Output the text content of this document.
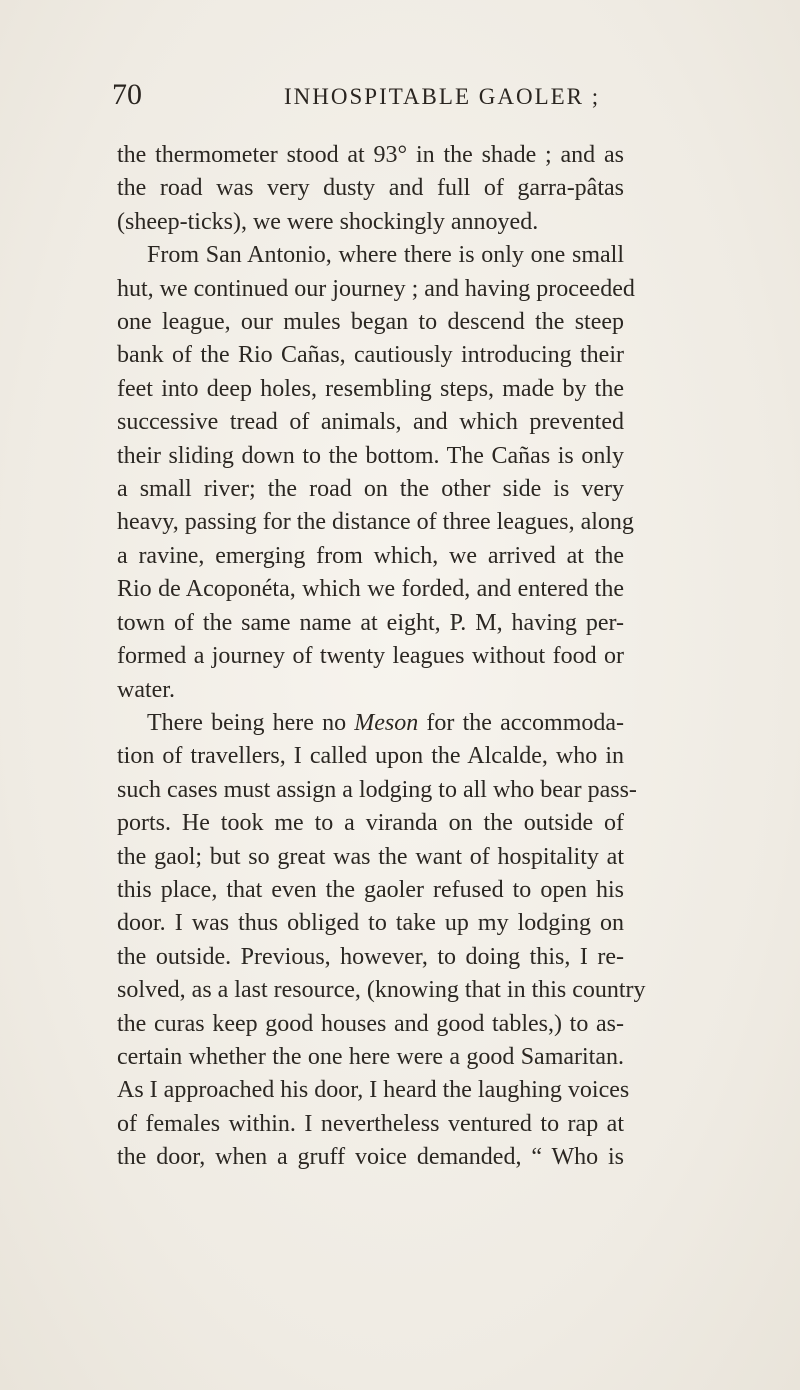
70	INHOSPITABLE GAOLER ;
the thermometer stood at 93° in the shade ; and as
the road was very dusty and full of garra-pâtas
(sheep-ticks), we were shockingly annoyed.
From San Antonio, where there is only one small
hut, we continued our journey ; and having proceeded
one league, our mules began to descend the steep
bank of the Rio Cañas, cautiously introducing their
feet into deep holes, resembling steps, made by the
successive tread of animals, and which prevented
their sliding down to the bottom. The Cañas is only
a small river; the road on the other side is very
heavy, passing for the distance of three leagues, along
a ravine, emerging from which, we arrived at the
Rio de Acoponéta, which we forded, and entered the
town of the same name at eight, P. M, having per-
formed a journey of twenty leagues without food or
water.
There being here no Meson for the accommoda-
tion of travellers, I called upon the Alcalde, who in
such cases must assign a lodging to all who bear pass-
ports. He took me to a viranda on the outside of
the gaol; but so great was the want of hospitality at
this place, that even the gaoler refused to open his
door. I was thus obliged to take up my lodging on
the outside. Previous, however, to doing this, I re-
solved, as a last resource, (knowing that in this country
the curas keep good houses and good tables,) to as-
certain whether the one here were a good Samaritan.
As I approached his door, I heard the laughing voices
of females within. I nevertheless ventured to rap at
the door, when a gruff voice demanded, “ Who is
